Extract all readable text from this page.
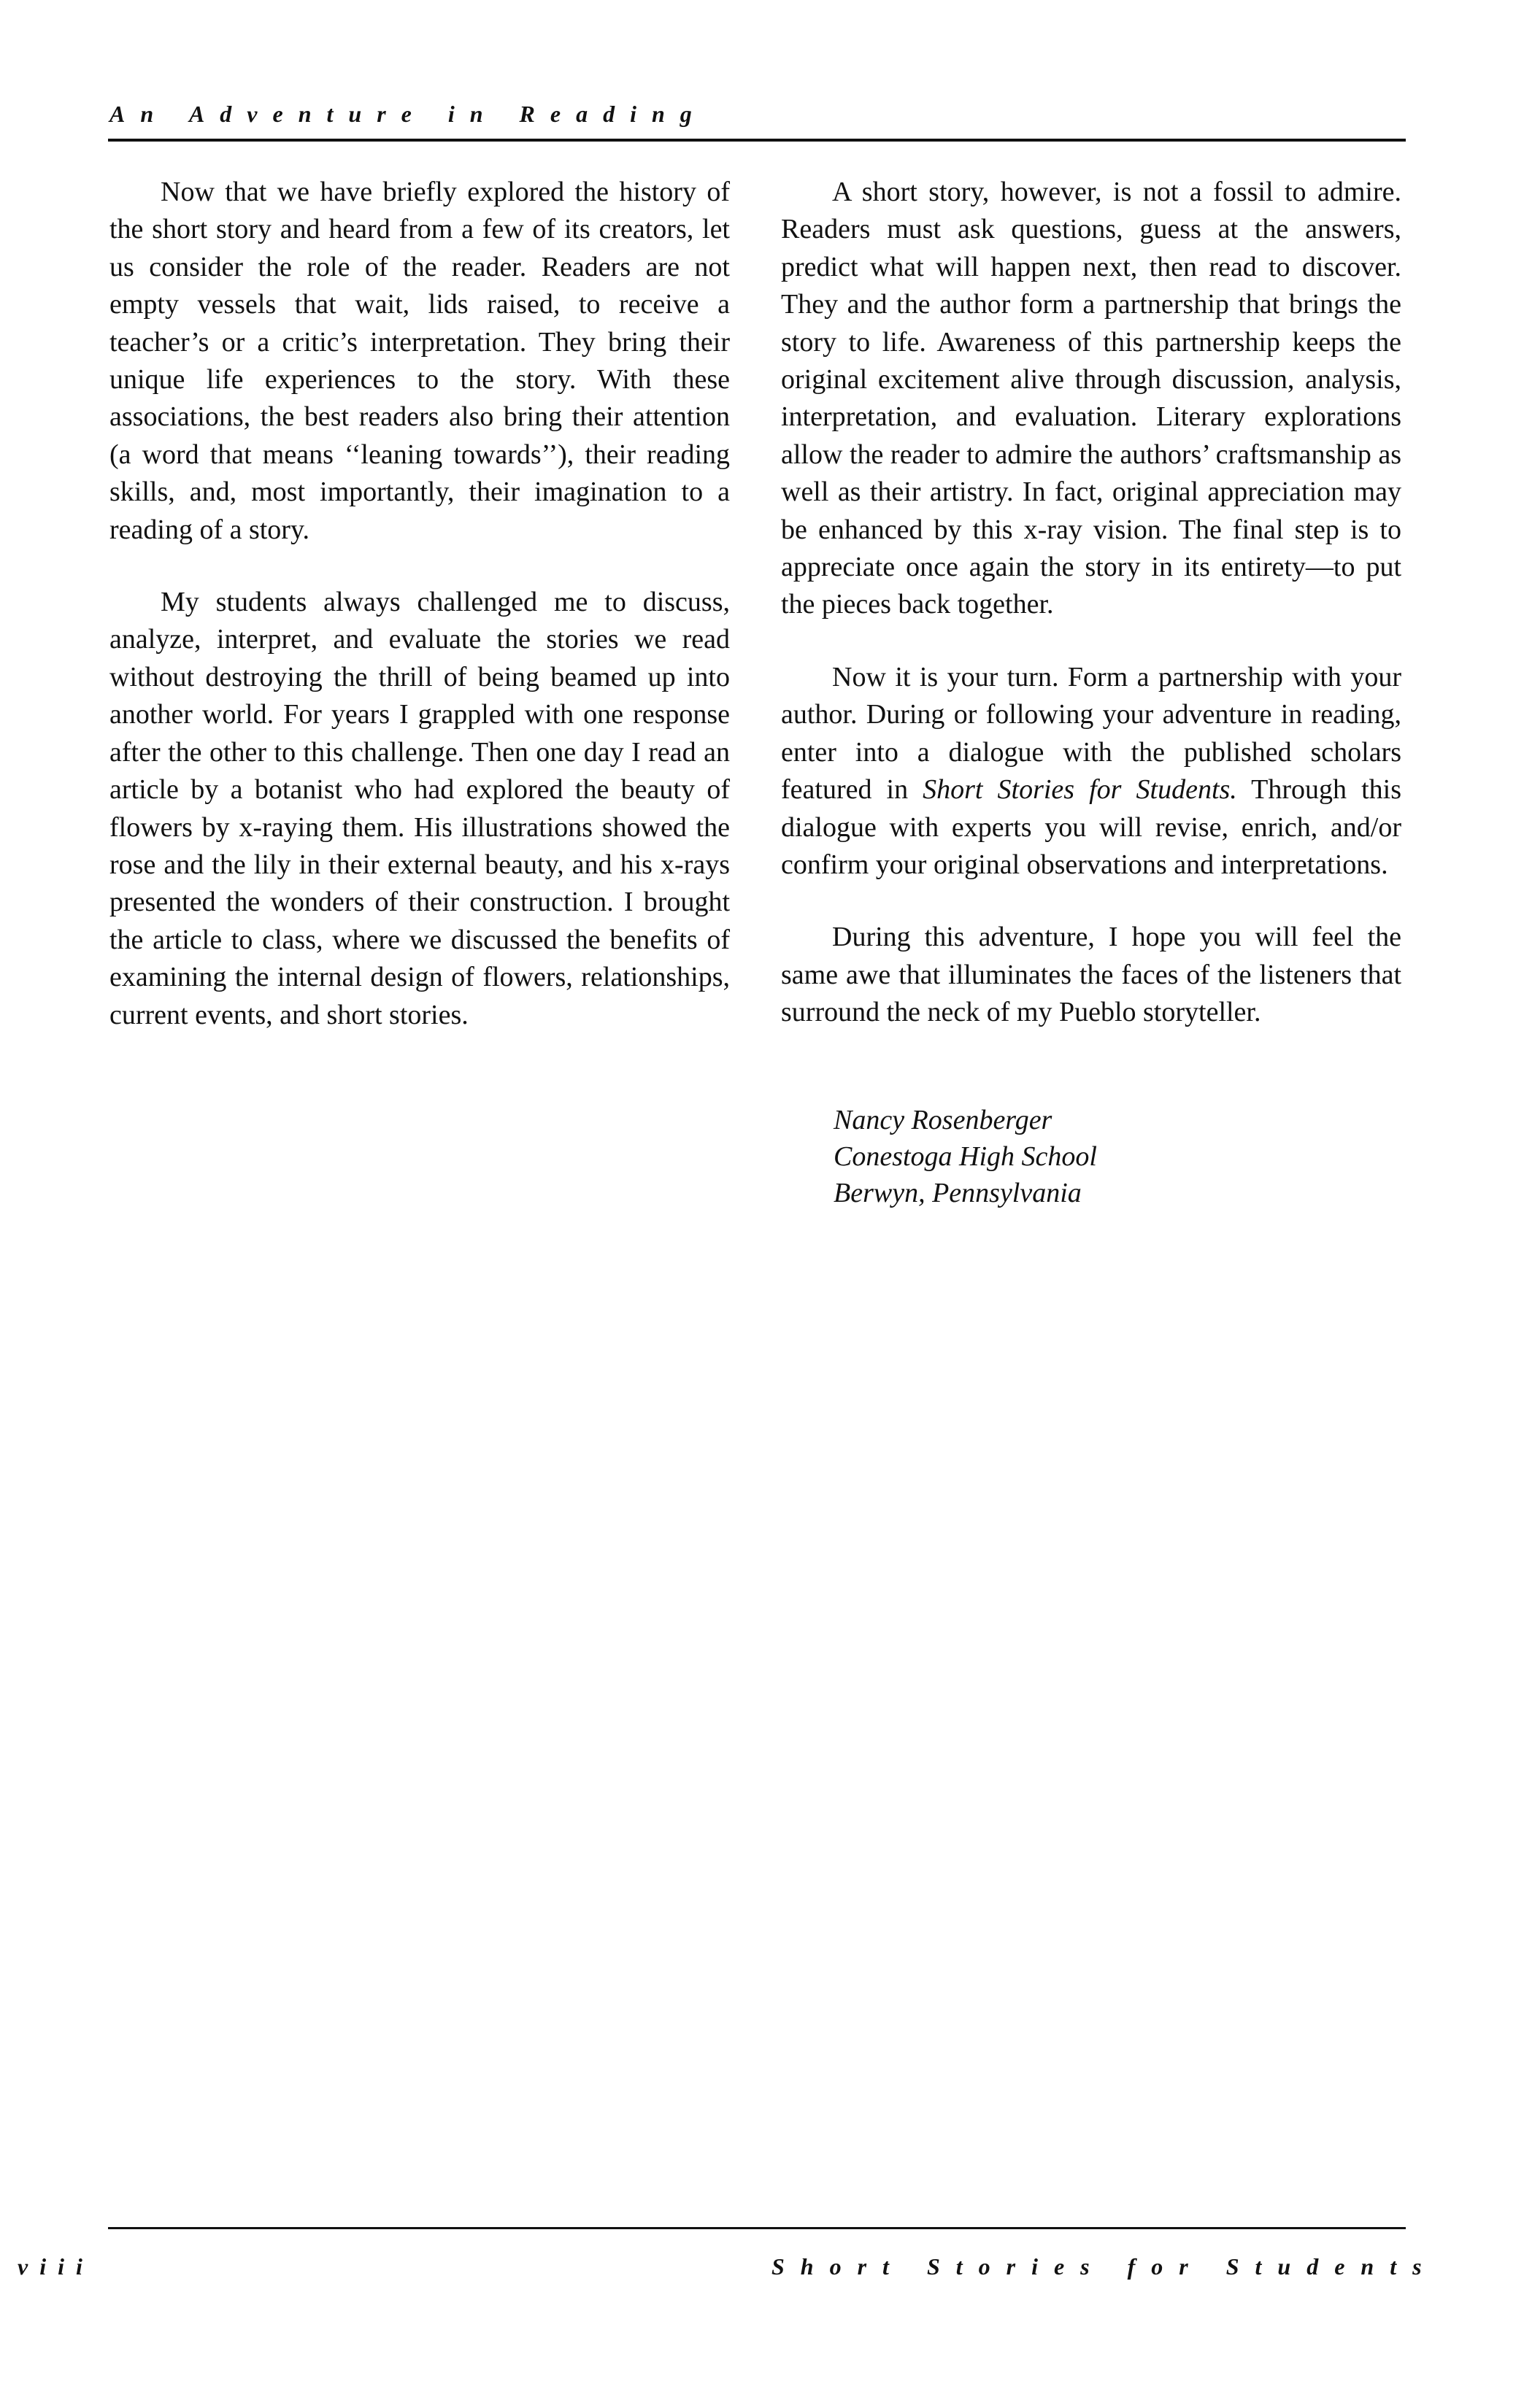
An Adventure in Reading

Now that we have briefly explored the history of the short story and heard from a few of its creators, let us consider the role of the reader. Readers are not empty vessels that wait, lids raised, to receive a teacher’s or a critic’s interpretation. They bring their unique life experiences to the story. With these associations, the best readers also bring their attention (a word that means ‘‘leaning towards’’), their reading skills, and, most importantly, their imagination to a reading of a story.

My students always challenged me to discuss, analyze, interpret, and evaluate the stories we read without destroying the thrill of being beamed up into another world. For years I grappled with one response after the other to this challenge. Then one day I read an article by a botanist who had explored the beauty of flowers by x-raying them. His illustrations showed the rose and the lily in their external beauty, and his x-rays presented the wonders of their construction. I brought the article to class, where we discussed the benefits of examining the internal design of flowers, relationships, current events, and short stories.

A short story, however, is not a fossil to admire. Readers must ask questions, guess at the answers, predict what will happen next, then read to discover. They and the author form a partnership that brings the story to life. Awareness of this partnership keeps the original excitement alive through discussion, analysis, interpretation, and evaluation. Literary explorations allow the reader to admire the authors’ craftsmanship as well as their artistry. In fact, original appreciation may be enhanced by this x-ray vision. The final step is to appreciate once again the story in its entirety—to put the pieces back together.

Now it is your turn. Form a partnership with your author. During or following your adventure in reading, enter into a dialogue with the published scholars featured in Short Stories for Students. Through this dialogue with experts you will revise, enrich, and/or confirm your original observations and interpretations.

During this adventure, I hope you will feel the same awe that illuminates the faces of the listeners that surround the neck of my Pueblo storyteller.

Nancy Rosenberger
Conestoga High School
Berwyn, Pennsylvania
viii	Short Stories for Students
